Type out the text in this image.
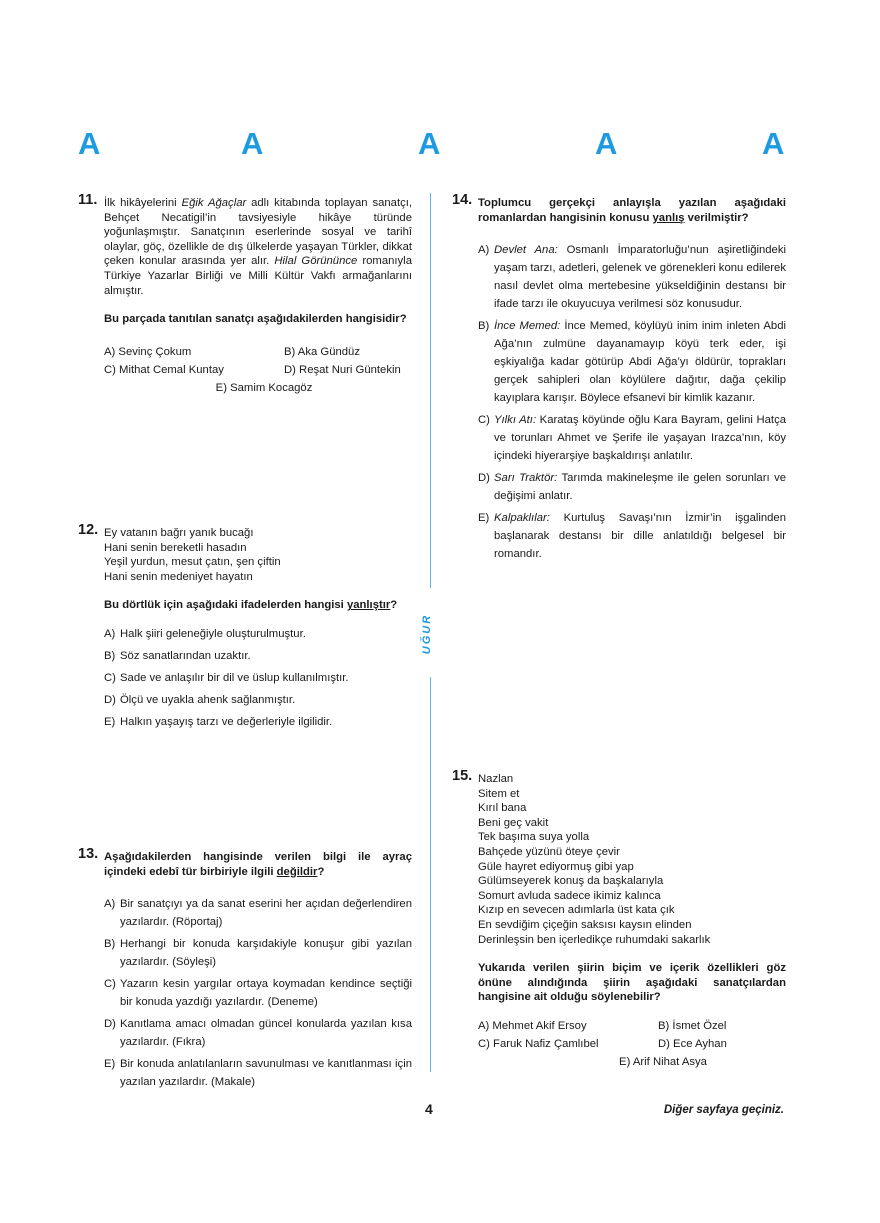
A	A	A	A	A
UĞUR
11. İlk hikâyelerini Eğik Ağaçlar adlı kitabında toplayan sanatçı, Behçet Necatigil’in tavsiyesiyle hikâye türünde yoğunlaşmıştır. Sanatçının eserlerinde sosyal ve tarihî olaylar, göç, özellikle de dış ülkelerde yaşayan Türkler, dikkat çeken konular arasında yer alır. Hilal Görününce romanıyla Türkiye Yazarlar Birliği ve Milli Kültür Vakfı armağanlarını almıştır.

Bu parçada tanıtılan sanatçı aşağıdakilerden hangisidir?

A) Sevinç Çokum	B) Aka Gündüz
C) Mithat Cemal Kuntay	D) Reşat Nuri Güntekin
E) Samim Kocagöz
12. Ey vatanın bağrı yanık bucağı
Hani senin bereketli hasadın
Yeşil yurdun, mesut çatın, şen çiftin
Hani senin medeniyet hayatın

Bu dörtlük için aşağıdaki ifadelerden hangisi yanlıştır?

A) Halk şiiri geleneğiyle oluşturulmuştur.
B) Söz sanatlarından uzaktır.
C) Sade ve anlaşılır bir dil ve üslup kullanılmıştır.
D) Ölçü ve uyakla ahenk sağlanmıştır.
E) Halkın yaşayış tarzı ve değerleriyle ilgilidir.
13. Aşağıdakilerden hangisinde verilen bilgi ile ayraç içindeki edebî tür birbiriyle ilgili değildir?

A) Bir sanatçıyı ya da sanat eserini her açıdan değerlendiren yazılardır. (Röportaj)
B) Herhangi bir konuda karşıdakiyle konuşur gibi yazılan yazılardır. (Söyleşi)
C) Yazarın kesin yargılar ortaya koymadan kendince seçtiği bir konuda yazdığı yazılardır. (Deneme)
D) Kanıtlama amacı olmadan güncel konularda yazılan kısa yazılardır. (Fıkra)
E) Bir konuda anlatılanların savunulması ve kanıtlanması için yazılan yazılardır. (Makale)
14. Toplumcu gerçekçi anlayışla yazılan aşağıdaki romanlardan hangisinin konusu yanlış verilmiştir?

A) Devlet Ana: Osmanlı İmparatorluğu’nun aşiretliğindeki yaşam tarzı, adetleri, gelenek ve görenekleri konu edilerek nasıl devlet olma mertebesine yükseldiğinin destansı bir ifade tarzı ile okuyucuya verilmesi söz konusudur.
B) İnce Memed: İnce Memed, köylüyü inim inim inleten Abdi Ağa’nın zulmüne dayanamayıp köyü terk eder, işi eşkiyalığa kadar götürüp Abdi Ağa’yı öldürür, toprakları gerçek sahipleri olan köylülere dağıtır, dağa çekilip kayıplara karışır. Böylece efsanevi bir kimlik kazanır.
C) Yılkı Atı: Karataş köyünde oğlu Kara Bayram, gelini Hatça ve torunları Ahmet ve Şerife ile yaşayan Irazca’nın, köy içindeki hiyerarşiye başkaldırışı anlatılır.
D) Sarı Traktör: Tarımda makineleşme ile gelen sorunları ve değişimi anlatır.
E) Kalpaklılar: Kurtuluş Savaşı’nın İzmir’in işgalinden başlanarak destansı bir dille anlatıldığı belgesel bir romandır.
15. Nazlan
Sitem et
Kırıl bana
Beni geç vakit
Tek başıma suya yolla
Bahçede yüzünü öteye çevir
Güle hayret ediyormuş gibi yap
Gülümseyerek konuş da başkalarıyla
Somurt avluda sadece ikimiz kalınca
Kızıp en sevecen adımlarla üst kata çık
En sevdiğim çiçeğin saksısı kaysın elinden
Derinleşsin ben içerledikçe ruhumdaki sakarlık

Yukarıda verilen şiirin biçim ve içerik özellikleri göz önüne alındığında şiirin aşağıdaki sanatçılardan hangisine ait olduğu söylenebilir?

A) Mehmet Akif Ersoy	B) İsmet Özel
C) Faruk Nafiz Çamlıbel	D) Ece Ayhan
E) Arif Nihat Asya
4	Diğer sayfaya geçiniz.
